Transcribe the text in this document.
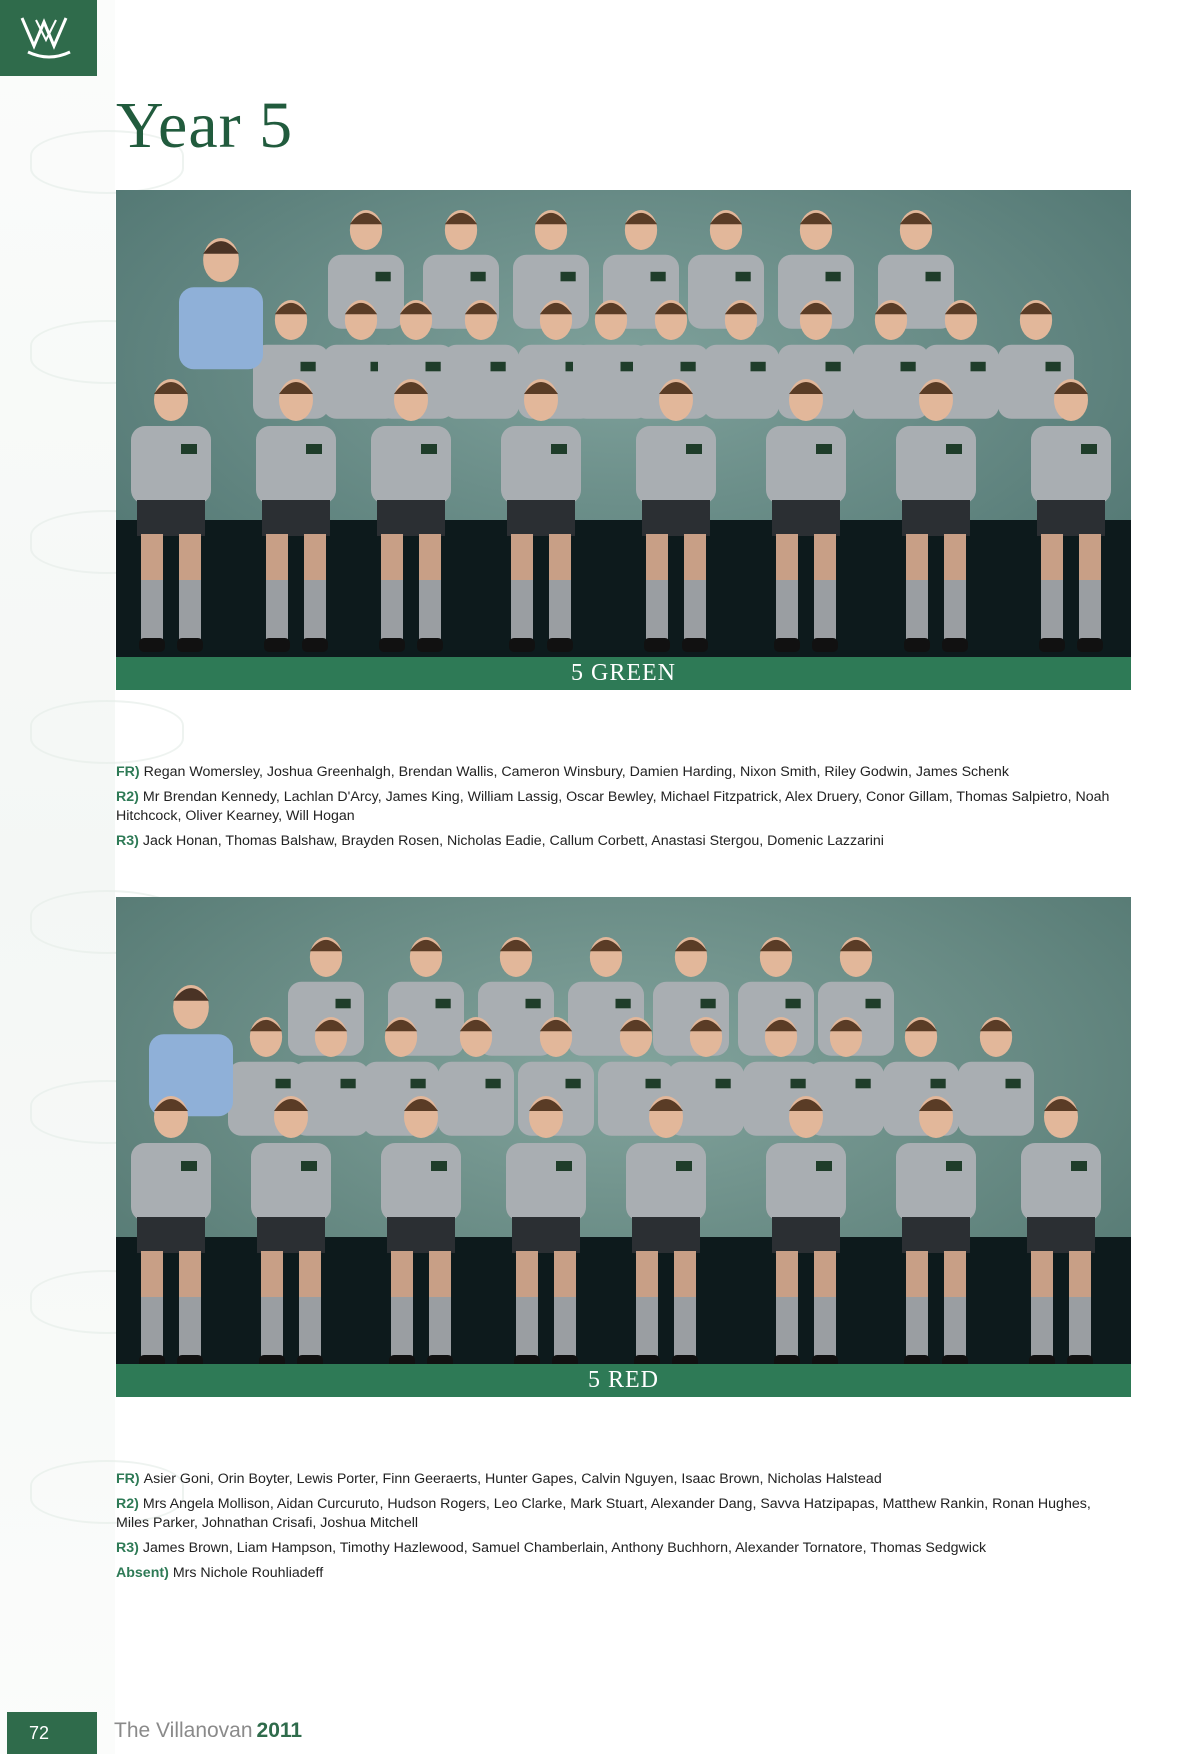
Year 5
5 GREEN

FR) Regan Womersley, Joshua Greenhalgh, Brendan Wallis, Cameron Winsbury, Damien Harding, Nixon Smith, Riley Godwin, James Schenk

R2) Mr Brendan Kennedy, Lachlan D'Arcy, James King, William Lassig, Oscar Bewley, Michael Fitzpatrick, Alex Druery, Conor Gillam, Thomas Salpietro, Noah Hitchcock, Oliver Kearney, Will Hogan

R3) Jack Honan, Thomas Balshaw, Brayden Rosen, Nicholas Eadie, Callum Corbett, Anastasi Stergou, Domenic Lazzarini

5 RED

FR) Asier Goni, Orin Boyter, Lewis Porter, Finn Geeraerts, Hunter Gapes, Calvin Nguyen, Isaac Brown, Nicholas Halstead

R2) Mrs Angela Mollison, Aidan Curcuruto, Hudson Rogers, Leo Clarke, Mark Stuart, Alexander Dang, Savva Hatzipapas, Matthew Rankin, Ronan Hughes, Miles Parker, Johnathan Crisafi, Joshua Mitchell

R3) James Brown, Liam Hampson, Timothy Hazlewood, Samuel Chamberlain, Anthony Buchhorn, Alexander Tornatore, Thomas Sedgwick

Absent) Mrs Nichole Rouhliadeff

72	The Villanovan 2011
